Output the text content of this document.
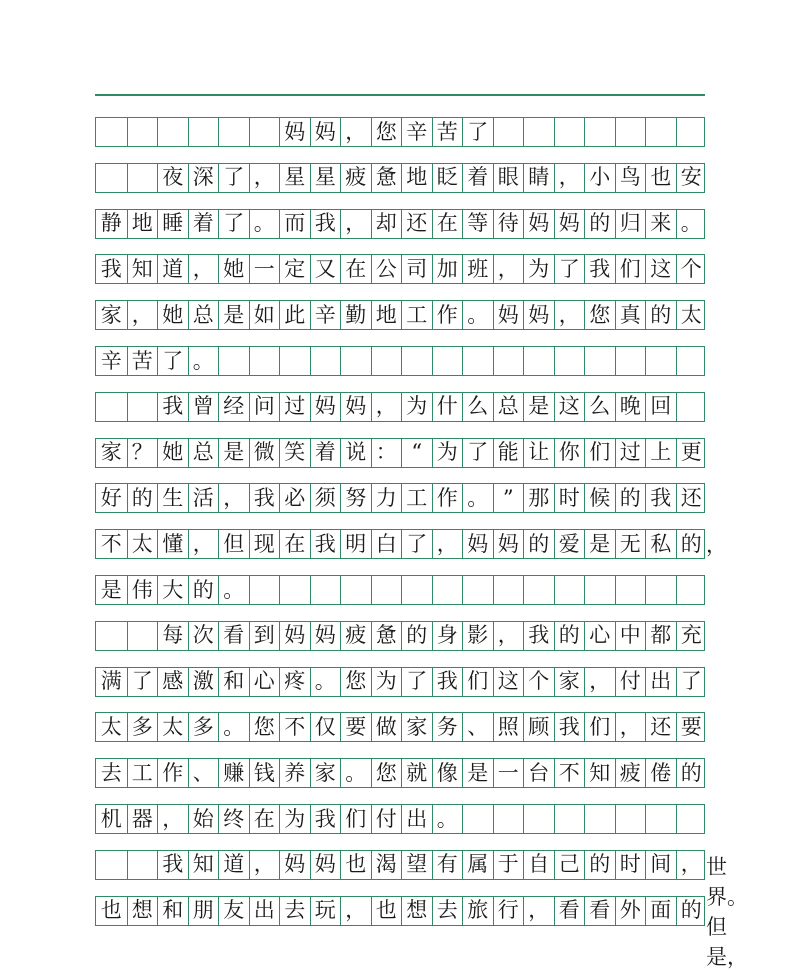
妈 妈 ， 您 辛 苦 了
夜 深 了 ， 星 星 疲 惫 地 眨 着 眼 睛 ， 小 鸟 也 安
静 地 睡 着 了 。 而 我 ， 却 还 在 等 待 妈 妈 的 归 来 。
我 知 道 ， 她 一 定 又 在 公 司 加 班 ， 为 了 我 们 这 个
家 ， 她 总 是 如 此 辛 勤 地 工 作 。 妈 妈 ， 您 真 的 太
辛 苦 了 。
我 曾 经 问 过 妈 妈 ， 为 什 么 总 是 这 么 晚 回
家 ？ 她 总 是 微 笑 着 说 ： “ 为 了 能 让 你 们 过 上 更
好 的 生 活 ， 我 必 须 努 力 工 作 。 ” 那 时 候 的 我 还
不 太 懂 ， 但 现 在 我 明 白 了 ， 妈 妈 的 爱 是 无 私 的 ，
是 伟 大 的 。
每 次 看 到 妈 妈 疲 惫 的 身 影 ， 我 的 心 中 都 充
满 了 感 激 和 心 疼 。 您 为 了 我 们 这 个 家 ， 付 出 了
太 多 太 多 。 您 不 仅 要 做 家 务 、 照 顾 我 们 ， 还 要
去 工 作 、 赚 钱 养 家 。 您 就 像 是 一 台 不 知 疲 倦 的
机 器 ， 始 终 在 为 我 们 付 出 。
我 知 道 ， 妈 妈 也 渴 望 有 属 于 自 己 的 时 间 ，
也 想 和 朋 友 出 去 玩 ， 也 想 去 旅 行 ， 看 看 外 面 的
世界。但是，
